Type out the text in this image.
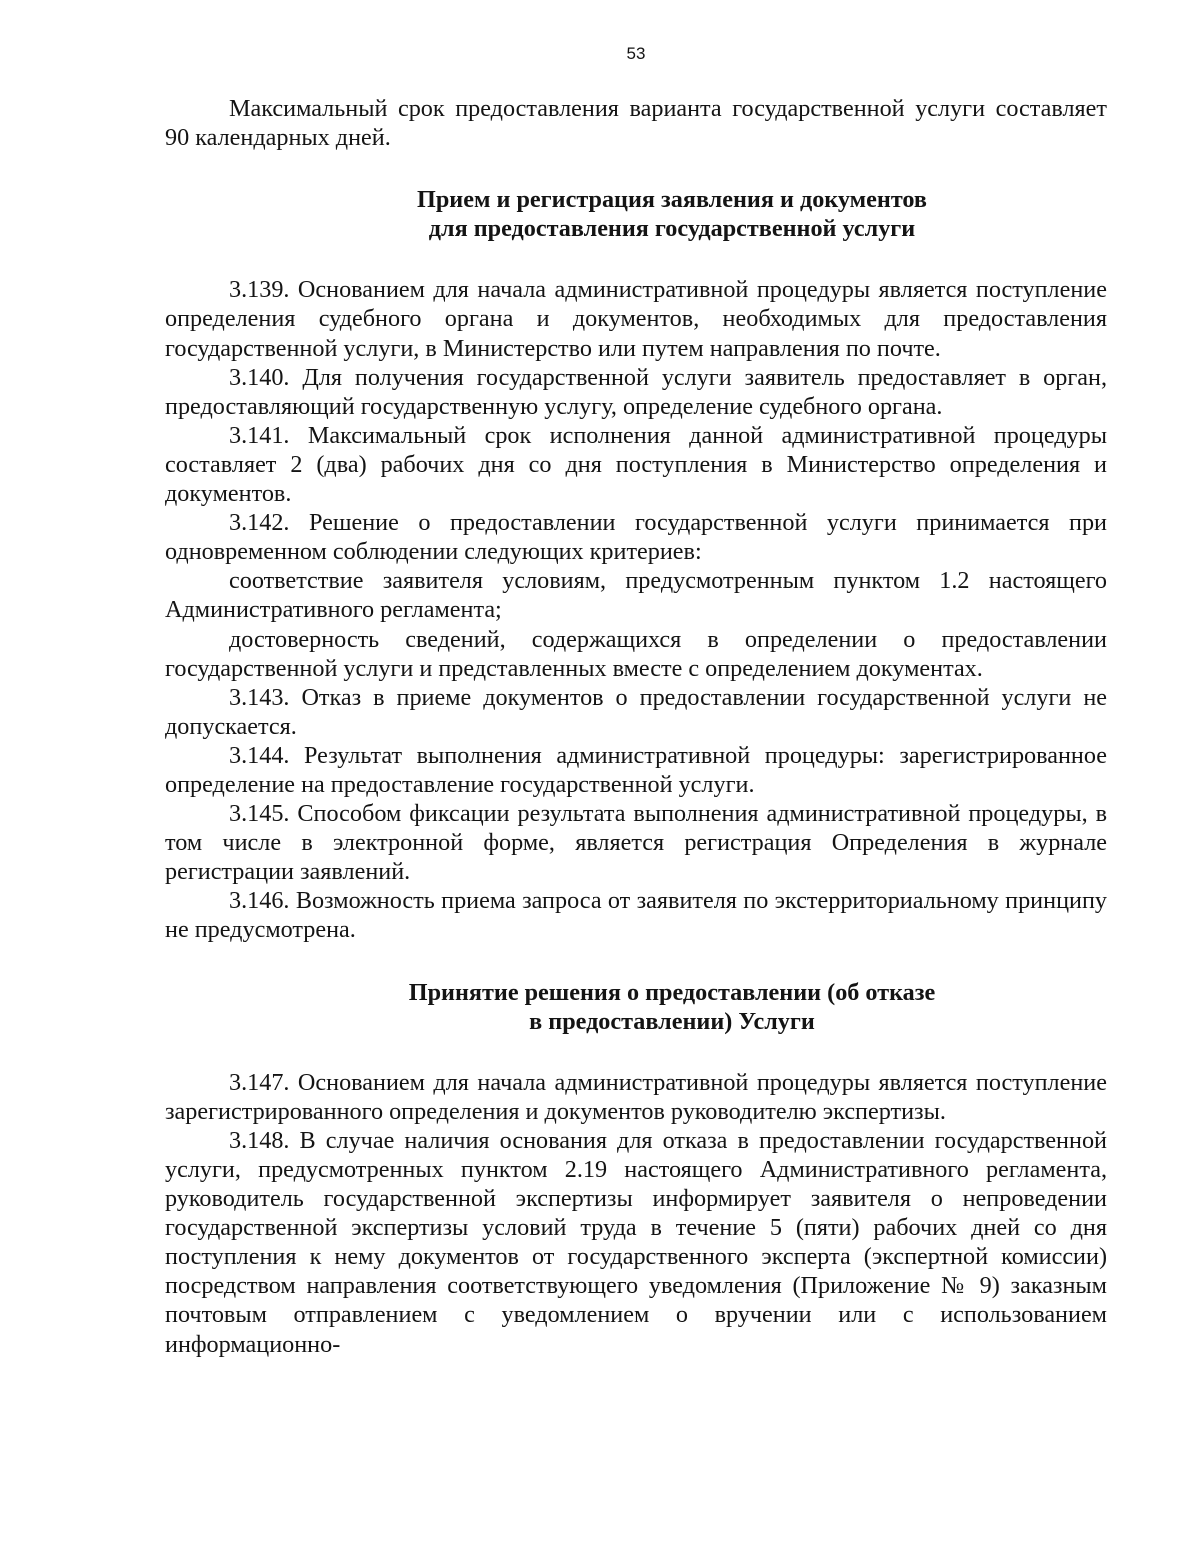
53

Максимальный срок предоставления варианта государственной услуги составляет 90 календарных дней.

Прием и регистрация заявления и документов
для предоставления государственной услуги

3.139. Основанием для начала административной процедуры является поступление определения судебного органа и документов, необходимых для предоставления государственной услуги, в Министерство или путем направления по почте.

3.140. Для получения государственной услуги заявитель предоставляет в орган, предоставляющий государственную услугу, определение судебного органа.

3.141. Максимальный срок исполнения данной административной процедуры составляет 2 (два) рабочих дня со дня поступления в Министерство определения и документов.

3.142. Решение о предоставлении государственной услуги принимается при одновременном соблюдении следующих критериев:

соответствие заявителя условиям, предусмотренным пунктом 1.2 настоящего Административного регламента;

достоверность сведений, содержащихся в определении о предоставлении государственной услуги и представленных вместе с определением документах.

3.143. Отказ в приеме документов о предоставлении государственной услуги не допускается.

3.144. Результат выполнения административной процедуры: зарегистрированное определение на предоставление государственной услуги.

3.145. Способом фиксации результата выполнения административной процедуры, в том числе в электронной форме, является регистрация Определения в журнале регистрации заявлений.

3.146. Возможность приема запроса от заявителя по экстерриториальному принципу не предусмотрена.

Принятие решения о предоставлении (об отказе
в предоставлении) Услуги

3.147. Основанием для начала административной процедуры является поступление зарегистрированного определения и документов руководителю экспертизы.

3.148. В случае наличия основания для отказа в предоставлении государственной услуги, предусмотренных пунктом 2.19 настоящего Административного регламента, руководитель государственной экспертизы информирует заявителя о непроведении государственной экспертизы условий труда в течение 5 (пяти) рабочих дней со дня поступления к нему документов от государственного эксперта (экспертной комиссии) посредством направления соответствующего уведомления (Приложение № 9) заказным почтовым отправлением с уведомлением о вручении или с использованием информационно-
